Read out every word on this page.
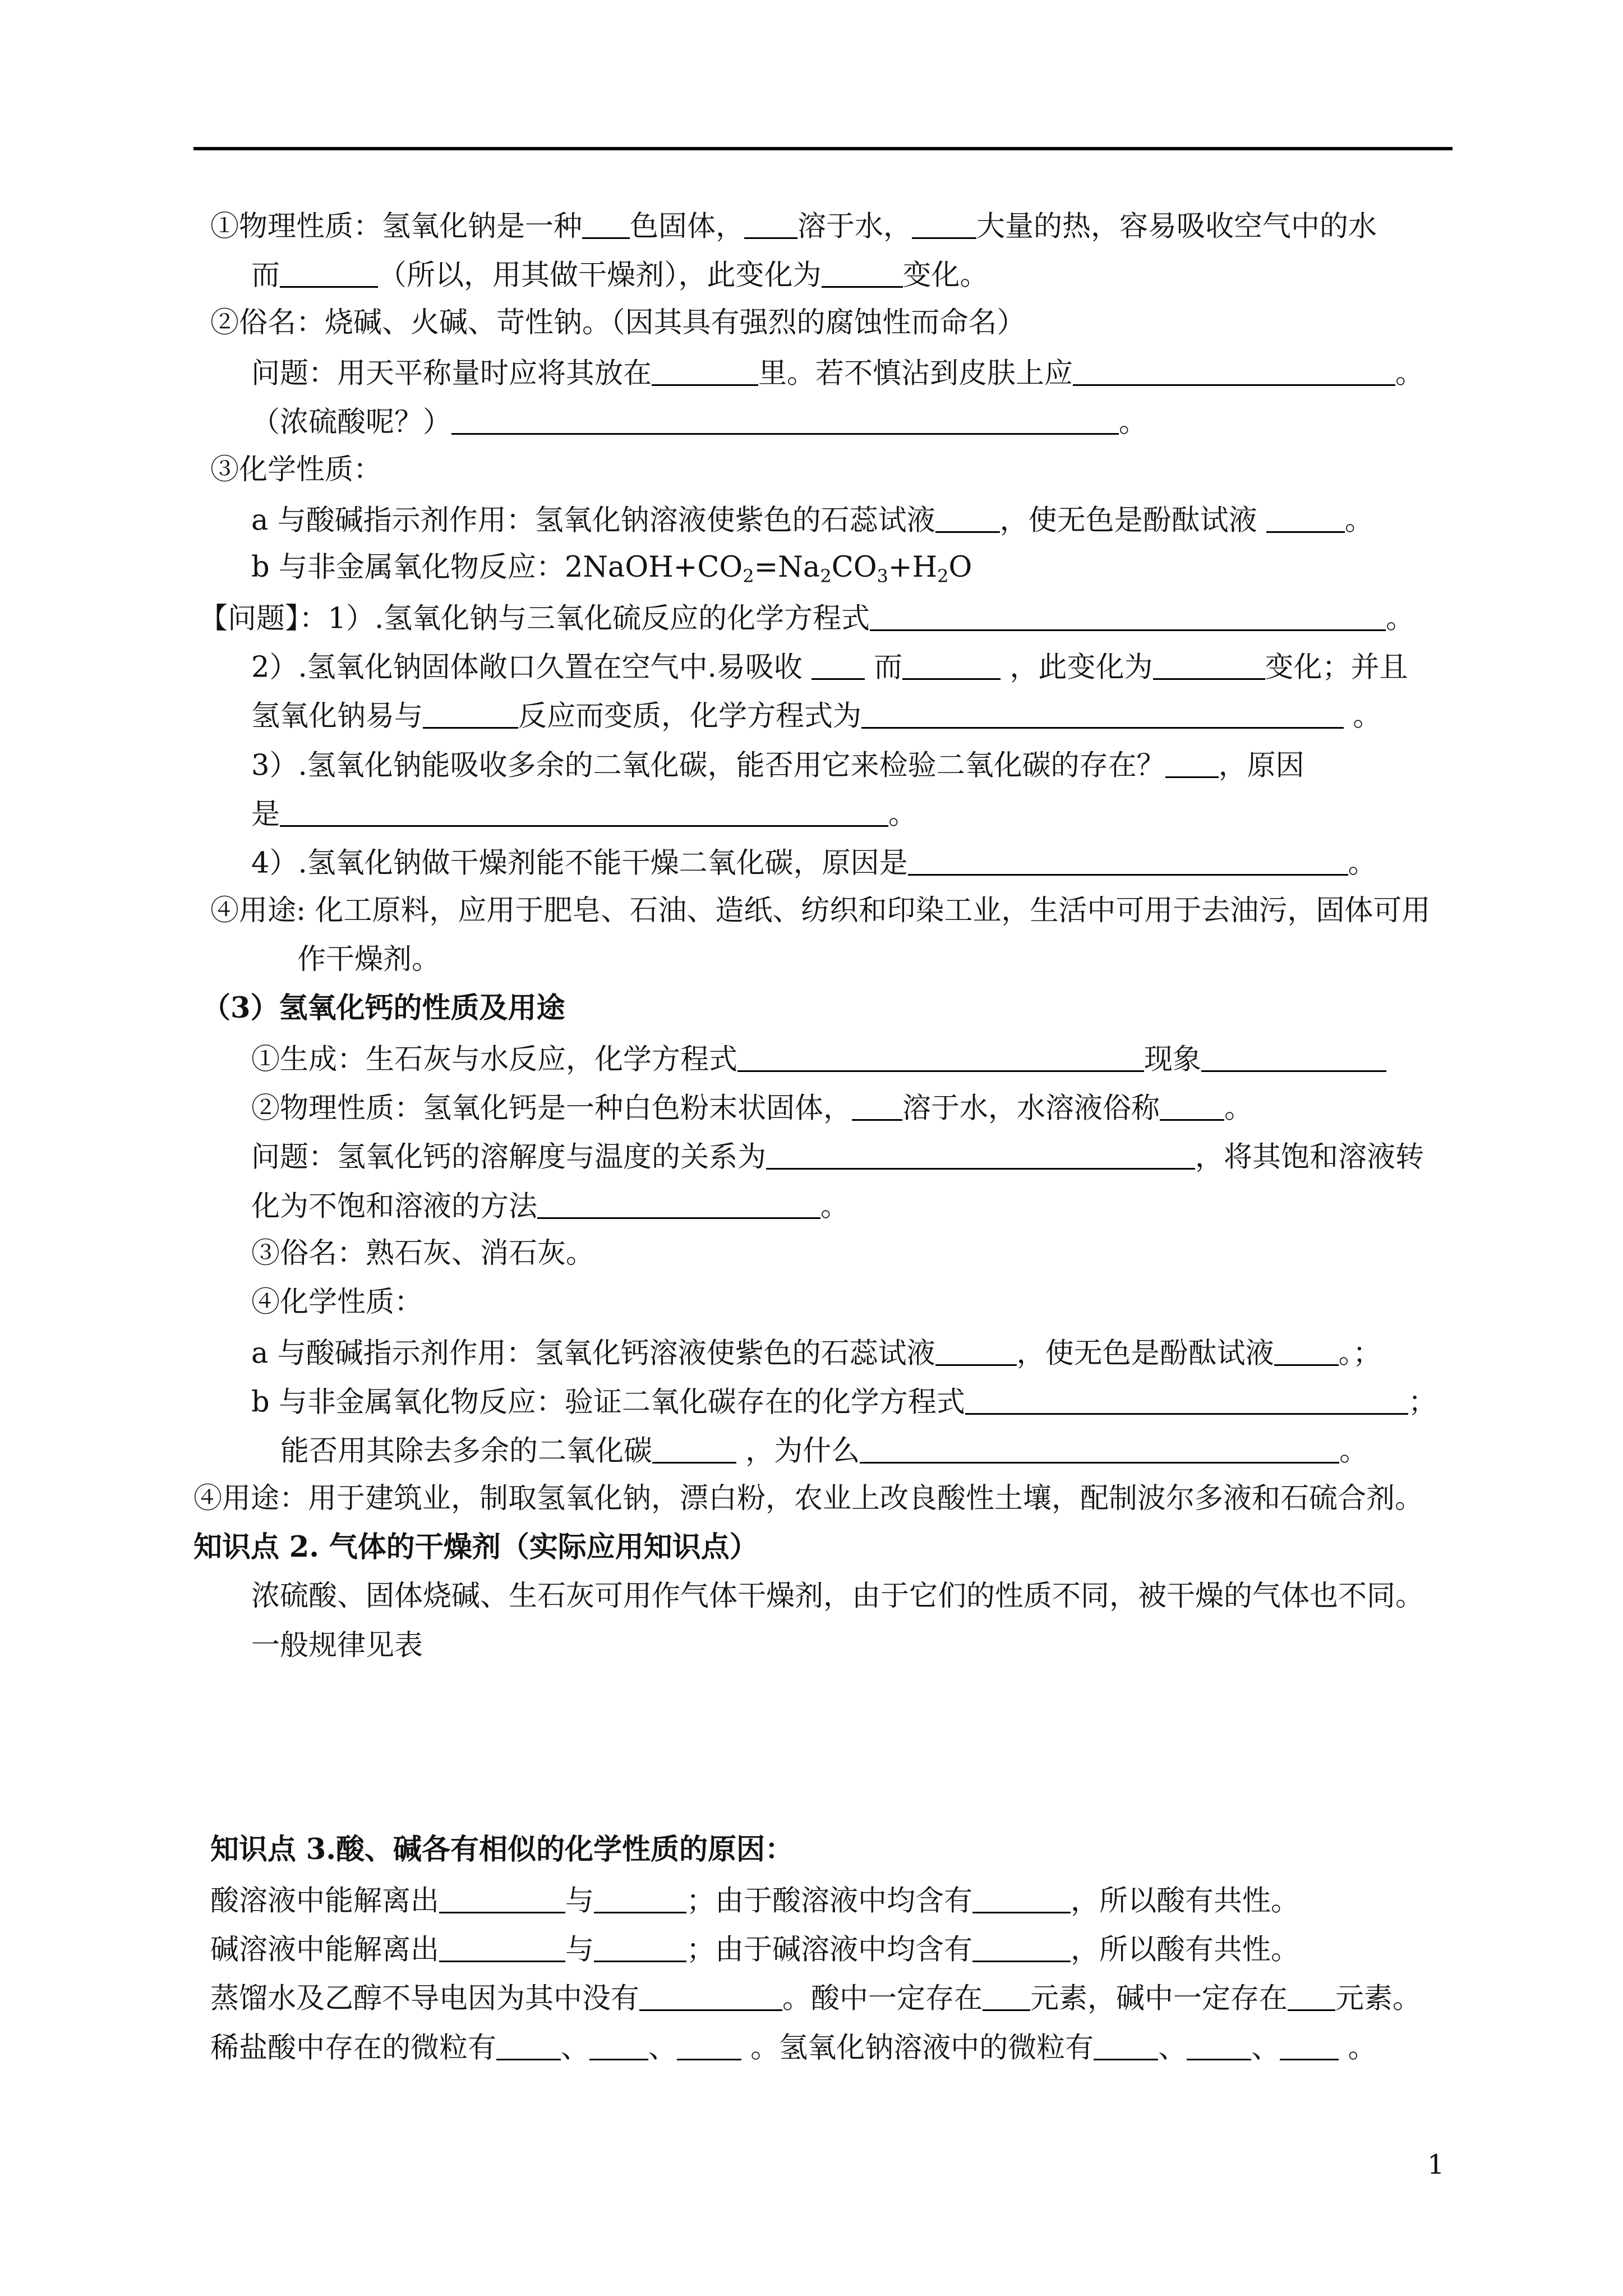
①物理性质：氢氧化钠是一种 色固体， 溶于水， 大量的热，容易吸收空气中的水
而	（所以，用其做干燥剂），此变化为	变化。
②俗名：烧碱、火碱、苛性钠。（因其具有强烈的腐蚀性而命名）
问题：用天平称量时应将其放在	里。若不慎沾到皮肤上应	。
（浓硫酸呢？）	。
③化学性质：
a 与酸碱指示剂作用：氢氧化钠溶液使紫色的石蕊试液 ，使无色是酚酞试液	。
b 与非金属氧化物反应：$2NaOH+CO_2=Na_2CO_3+H_2O$
【问题】：1）.氢氧化钠与三氧化硫反应的化学方程式	。
2）.氢氧化钠固体敞口久置在空气中.易吸收  而	，此变化为	变化；并且
氢氧化钠易与	反应而变质，化学方程式为	。
3）.氢氧化钠能吸收多余的二氧化碳，能否用它来检验二氧化碳的存在？ ，原因
是	。
4）.氢氧化钠做干燥剂能不能干燥二氧化碳，原因是	。
④用途: 化工原料，应用于肥皂、石油、造纸、纺织和印染工业，生活中可用于去油污，固体可用
作干燥剂。
（3）氢氧化钙的性质及用途
①生成：生石灰与水反应，化学方程式	现象
②物理性质：氢氧化钙是一种白色粉末状固体， 溶于水，水溶液俗称 。
问题：氢氧化钙的溶解度与温度的关系为	，将其饱和溶液转
化为不饱和溶液的方法	。
③俗名：熟石灰、消石灰。
④化学性质：
a 与酸碱指示剂作用：氢氧化钙溶液使紫色的石蕊试液	，使无色是酚酞试液 。；
b 与非金属氧化物反应：验证二氧化碳存在的化学方程式	；
能否用其除去多余的二氧化碳	，为什么	。
④用途：用于建筑业，制取氢氧化钠，漂白粉，农业上改良酸性土壤，配制波尔多液和石硫合剂。
知识点 2. 气体的干燥剂（实际应用知识点）
浓硫酸、固体烧碱、生石灰可用作气体干燥剂，由于它们的性质不同，被干燥的气体也不同。
一般规律见表
知识点 3.酸、碱各有相似的化学性质的原因：
酸溶液中能解离出	与	；由于酸溶液中均含有	，所以酸有共性。
碱溶液中能解离出	与	；由于碱溶液中均含有	，所以酸有共性。
蒸馏水及乙醇不导电因为其中没有	。酸中一定存在 元素，碱中一定存在 元素。
稀盐酸中存在的微粒有 、 、 。氢氧化钠溶液中的微粒有 、 、 。
1
